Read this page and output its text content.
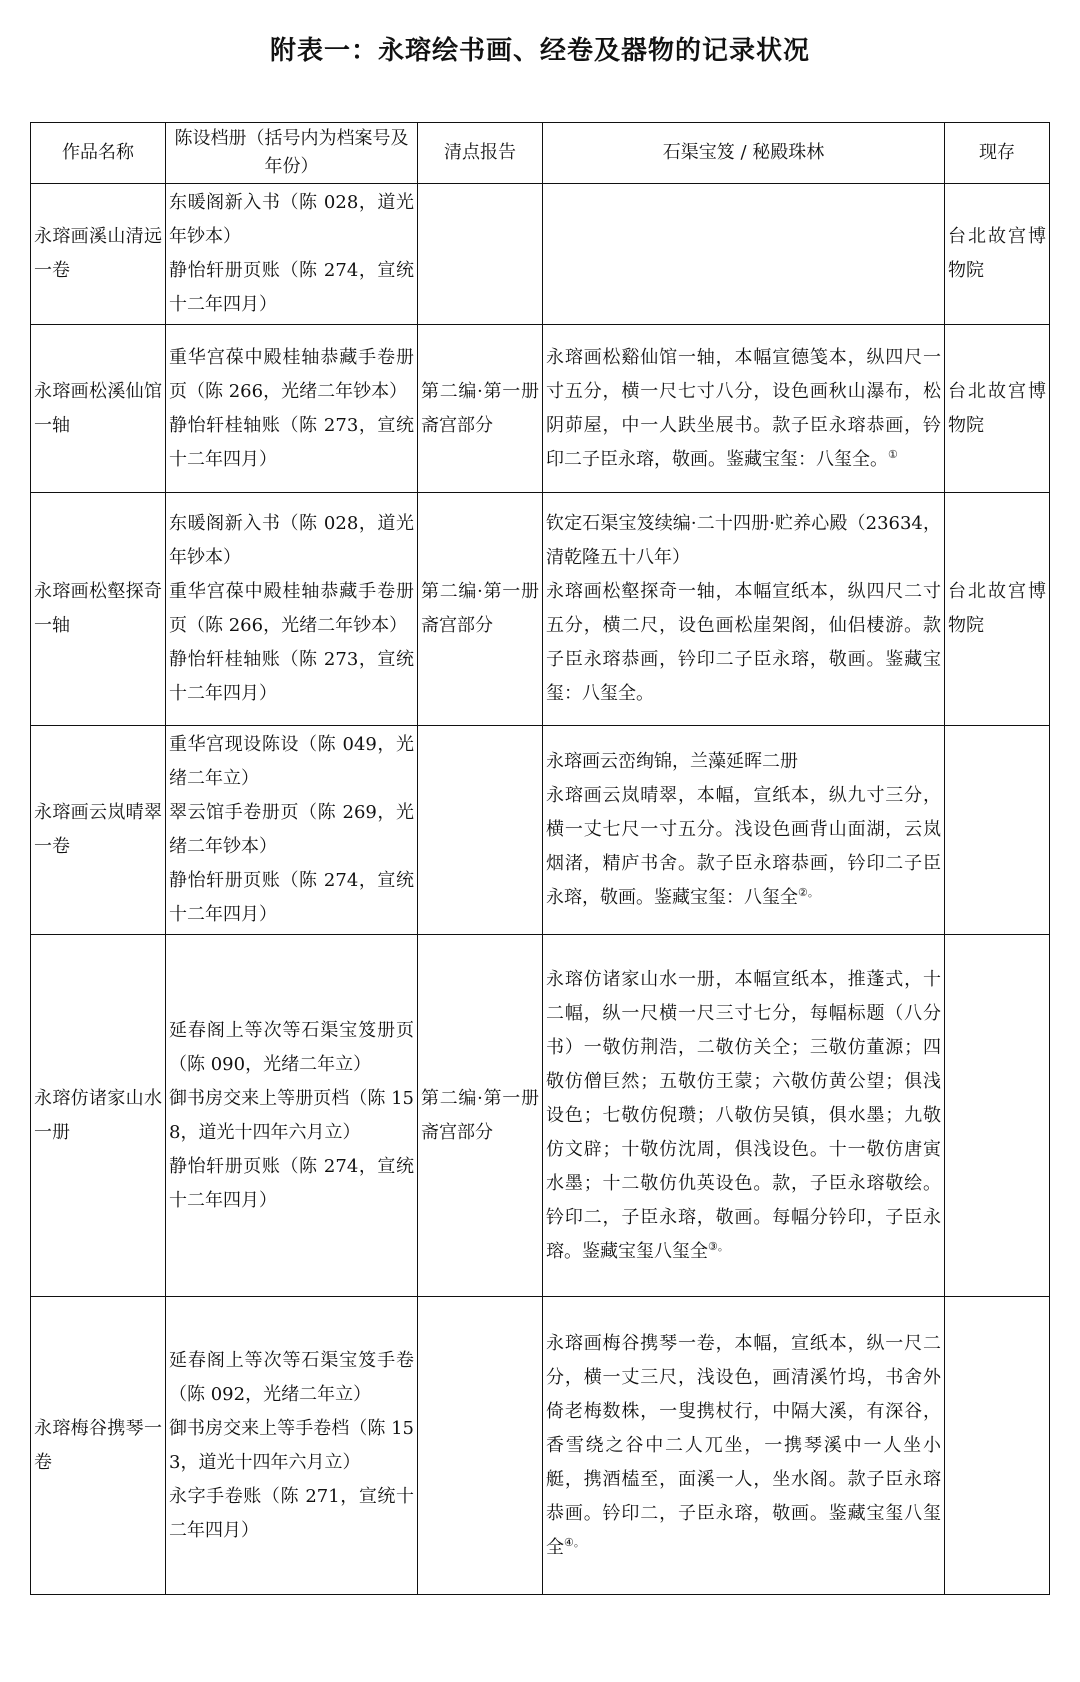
附表一：永瑢绘书画、经卷及器物的记录状况
作品名称	陈设档册（括号内为档案号及年份）	清点报告	石渠宝笈 / 秘殿珠林	现存
永瑢画溪山清远一卷	东暖阁新入书（陈 028，道光年钞本）
静怡轩册页账（陈 274，宣统十二年四月）			台北故宫博物院
永瑢画松溪仙馆一轴	重华宫葆中殿桂轴恭藏手卷册页（陈 266，光绪二年钞本）
静怡轩桂轴账（陈 273，宣统十二年四月）	第二编·第一册斋宫部分	永瑢画松谿仙馆一轴，本幅宣德笺本，纵四尺一寸五分，横一尺七寸八分，设色画秋山瀑布，松阴茆屋，中一人趺坐展书。款子臣永瑢恭画，钤印二子臣永瑢，敬画。鉴藏宝玺：八玺全。①	台北故宫博物院
永瑢画松壑探奇一轴	东暖阁新入书（陈 028，道光年钞本）
重华宫葆中殿桂轴恭藏手卷册页（陈 266，光绪二年钞本）
静怡轩桂轴账（陈 273，宣统十二年四月）	第二编·第一册斋宫部分	钦定石渠宝笈续编·二十四册·贮养心殿（23634，清乾隆五十八年）
永瑢画松壑探奇一轴，本幅宣纸本，纵四尺二寸五分，横二尺，设色画松崖架阁，仙侣棲游。款子臣永瑢恭画，钤印二子臣永瑢，敬画。鉴藏宝玺：八玺全。	台北故宫博物院
永瑢画云岚晴翠一卷	重华宫现设陈设（陈 049，光绪二年立）
翠云馆手卷册页（陈 269，光绪二年钞本）
静怡轩册页账（陈 274，宣统十二年四月）		永瑢画云峦绚锦，兰藻延晖二册
永瑢画云岚晴翠，本幅，宣纸本，纵九寸三分，横一丈七尺一寸五分。浅设色画背山面湖，云岚烟渚，精庐书舍。款子臣永瑢恭画，钤印二子臣永瑢，敬画。鉴藏宝玺：八玺全②。	
永瑢仿诸家山水一册	延春阁上等次等石渠宝笈册页（陈 090，光绪二年立）
御书房交来上等册页档（陈 158，道光十四年六月立）
静怡轩册页账（陈 274，宣统十二年四月）	第二编·第一册斋宫部分	永瑢仿诸家山水一册，本幅宣纸本，推蓬式，十二幅，纵一尺横一尺三寸七分，每幅标题（八分书）一敬仿荆浩，二敬仿关仝；三敬仿董源；四敬仿僧巨然；五敬仿王蒙；六敬仿黄公望；俱浅设色；七敬仿倪瓒；八敬仿吴镇，俱水墨；九敬仿文辟；十敬仿沈周，俱浅设色。十一敬仿唐寅水墨；十二敬仿仇英设色。款，子臣永瑢敬绘。钤印二，子臣永瑢，敬画。每幅分钤印，子臣永瑢。鉴藏宝玺八玺全③。	
永瑢梅谷携琴一卷	延春阁上等次等石渠宝笈手卷（陈 092，光绪二年立）
御书房交来上等手卷档（陈 153，道光十四年六月立）
永字手卷账（陈 271，宣统十二年四月）		永瑢画梅谷携琴一卷，本幅，宣纸本，纵一尺二分，横一丈三尺，浅设色，画清溪竹坞，书舍外倚老梅数株，一叟携杖行，中隔大溪，有深谷，香雪绕之谷中二人兀坐，一携琴溪中一人坐小艇，携酒榼至，面溪一人，坐水阁。款子臣永瑢恭画。钤印二，子臣永瑢，敬画。鉴藏宝玺八玺全④。	
